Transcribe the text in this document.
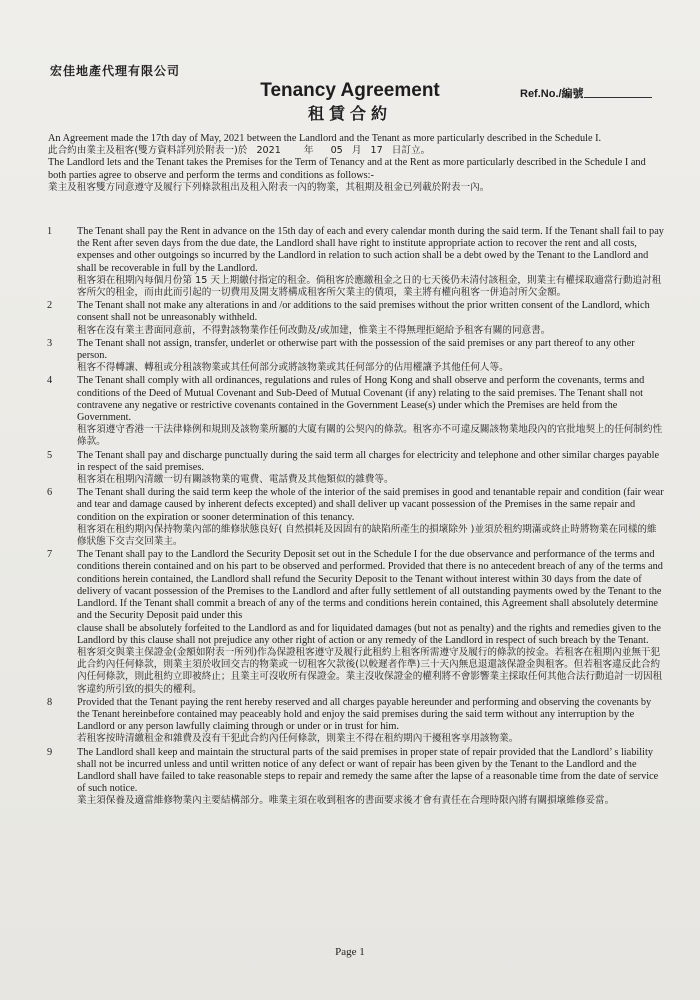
宏佳地產代理有限公司
Tenancy Agreement
租賃合約
Ref.No./編號

An Agreement made the 17th day of May, 2021 between the Landlord and the Tenant as more particularly described in the Schedule I.

此合約由業主及租客(雙方資料詳列於附表一)於 2021 年 05 月 17 日訂立。

The Landlord lets and the Tenant takes the Premises for the Term of Tenancy and at the Rent as more particularly described in the Schedule I and both parties agree to observe and perform the terms and conditions as follows:-

業主及租客雙方同意遵守及履行下列條款租出及租入附表一內的物業，其租期及租金已列載於附表一內。

1	The Tenant shall pay the Rent in advance on the 15th day of each and every calendar month during the said term. If the Tenant shall fail to pay the Rent after seven days from the due date, the Landlord shall have right to institute appropriate action to recover the rent and all costs, expenses and other outgoings so incurred by the Landlord in relation to such action shall be a debt owed by the Tenant to the Landlord and shall be recoverable in full by the Landlord.

租客須在租期內每個月份第 15 天上期繳付指定的租金。倘租客於應繳租金之日的七天後仍未清付該租金，則業主有權採取適當行動追討租客所欠的租金，而由此而引起的一切費用及開支將構成租客所欠業主的債項，業主將有權向租客一併追討所欠金額。

2	The Tenant shall not make any alterations in and /or additions to the said premises without the prior written consent of the Landlord, which consent shall not be unreasonably withheld.

租客在沒有業主書面同意前，不得對該物業作任何改動及/或加建，惟業主不得無理拒絕給予租客有關的同意書。

3	The Tenant shall not assign, transfer, underlet or otherwise part with the possession of the said premises or any part thereof to any other person.

租客不得轉讓、轉租或分租該物業或其任何部分或將該物業或其任何部分的佔用權讓予其他任何人等。

4	The Tenant shall comply with all ordinances, regulations and rules of Hong Kong and shall observe and perform the covenants, terms and conditions of the Deed of Mutual Covenant and Sub-Deed of Mutual Covenant (if any) relating to the said premises. The Tenant shall not contravene any negative or restrictive covenants contained in the Government Lease(s) under which the Premises are held from the Government.

租客須遵守香港一干法律條例和規則及該物業所屬的大廈有關的公契內的條款。租客亦不可違反關該物業地段內的官批地契上的任何制約性條款。

5	The Tenant shall pay and discharge punctually during the said term all charges for electricity and telephone and other similar charges payable in respect of the said premises.

租客須在租期內清繳一切有關該物業的電費、電話費及其他類似的雜費等。

6	The Tenant shall during the said term keep the whole of the interior of the said premises in good and tenantable repair and condition (fair wear and tear and damage caused by inherent defects excepted) and shall deliver up vacant possession of the Premises in the same repair and condition on the expiration or sooner determination of this tenancy.

租客須在租約期內保持物業內部的維修狀態良好( 自然損耗及因固有的缺陷所產生的損壞除外 )並須於租約期滿或終止時將物業在同樣的維修狀態下交吉交回業主。

7	The Tenant shall pay to the Landlord the Security Deposit set out in the Schedule I for the due observance and performance of the terms and conditions therein contained and on his part to be observed and performed. Provided that there is no antecedent breach of any of the terms and conditions herein contained, the Landlord shall refund the Security Deposit to the Tenant without interest within 30 days from the date of delivery of vacant possession of the Premises to the Landlord and after fully settlement of all outstanding payments owed by the Tenant to the Landlord. If the Tenant shall commit a breach of any of the terms and conditions herein contained, this Agreement shall absolutely determine and the Security Deposit paid under this

clause shall be absolutely forfeited to the Landlord as and for liquidated damages (but not as penalty) and the rights and remedies given to the Landlord by this clause shall not prejudice any other right of action or any remedy of the Landlord in respect of such breach by the Tenant.

租客須交與業主保證金(金額如附表一所列)作為保證租客遵守及履行此租約上租客所需遵守及履行的條款的按金。若租客在租期內並無干犯此合約內任何條款，則業主須於收回交吉的物業或一切租客欠款後(以較遲者作準)三十天內無息退還該保證金與租客。但若租客違反此合約內任何條款，則此租約立即被終止；且業主可沒收所有保證金。業主沒收保證金的權利將不會影響業主採取任何其他合法行動追討一切因租客違約所引致的損失的權利。

8	Provided that the Tenant paying the rent hereby reserved and all charges payable hereunder and performing and observing the covenants by the Tenant hereinbefore contained may peaceably hold and enjoy the said premises during the said term without any interruption by the Landlord or any person lawfully claiming through or under or in trust for him.

若租客按時清繳租金和雜費及沒有干犯此合約內任何條款，則業主不得在租約期內干擾租客享用該物業。

9	The Landlord shall keep and maintain the structural parts of the said premises in proper state of repair provided that the Landlord’ s liability shall not be incurred unless and until written notice of any defect or want of repair has been given by the Tenant to the Landlord and the Landlord shall have failed to take reasonable steps to repair and remedy the same after the lapse of a reasonable time from the date of service of such notice.

業主須保養及適當維修物業內主要結構部分。唯業主須在收到租客的書面要求後才會有責任在合理時限內將有關損壞維修妥當。

Page 1
